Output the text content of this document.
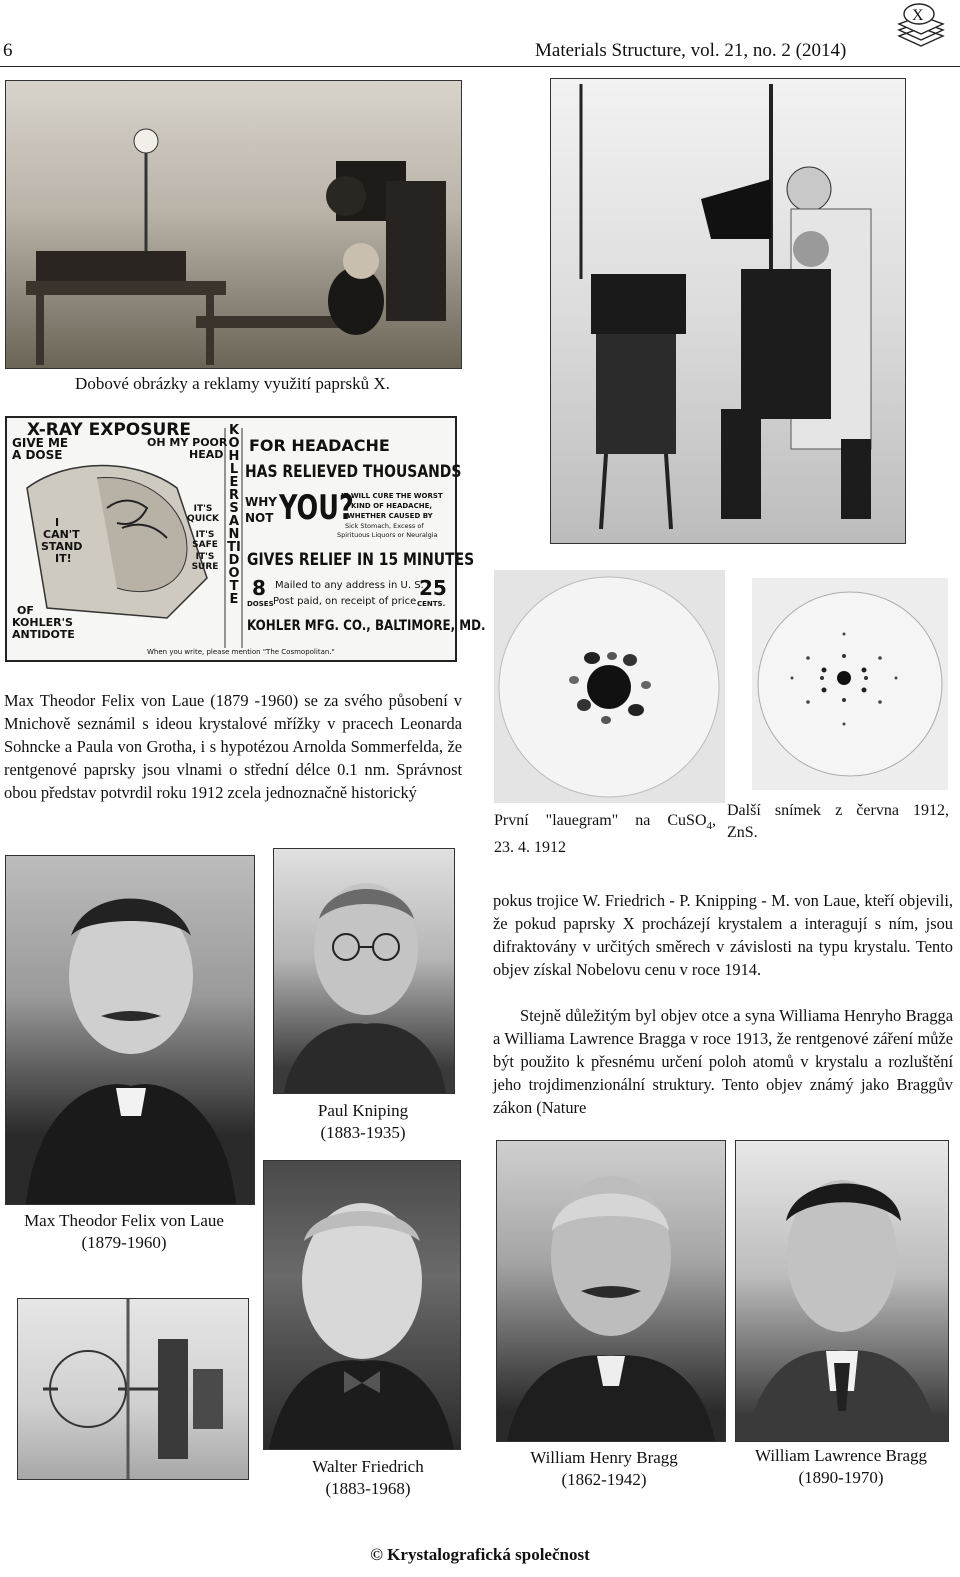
6	Materials Structure, vol. 21, no. 2 (2014)
X
Dobové obrázky a reklamy využití paprsků X.
X-RAY EXPOSURE
GIVE ME
A DOSE
OH MY POOR
HEAD
I
CAN'T
STAND
IT!
IT'S QUICK
IT'S SAFE
IT'S SURE
OF
KOHLER'S
ANTIDOTE
KOHLERS ANTIDOTE
FOR HEADACHE
HAS RELIEVED THOUSANDS
WHY NOT YOU?
IT WILL CURE THE WORST
KIND OF HEADACHE,
WHETHER CAUSED BY
Sick Stomach, Excess of
Spirituous Liquors or Neuralgia
GIVES RELIEF IN 15 MINUTES
8
DOSES
Mailed to any address in U. S.
Post paid, on receipt of price.
25
CENTS.
KOHLER MFG. CO., BALTIMORE, MD.
When you write, please mention "The Cosmopolitan."
První "lauegram" na CuSO$_4$,
23. 4. 1912
Další snímek z června 1912,
ZnS.
Max Theodor Felix von Laue (1879 -1960) se za svého působení v Mnichově seznámil s ideou krystalové mřížky v pracech Leonarda Sohncke a Paula von Grotha, i s hypotézou Arnolda Sommerfelda, že rentgenové paprsky jsou vlnami o střední délce 0.1 nm. Správnost obou představ potvrdil roku 1912 zcela jednoznačně historický
pokus trojice W. Friedrich - P. Knipping - M. von Laue, kteří objevili, že pokud paprsky X procházejí krystalem a interagují s ním, jsou difraktovány v určitých směrech v závislosti na typu krystalu. Tento objev získal Nobelovu cenu v roce 1914.
Stejně důležitým byl objev otce a syna Williama Henryho Bragga a Williama Lawrence Bragga v roce 1913, že rentgenové záření může být použito k přesnému určení poloh atomů v krystalu a rozluštění jeho trojdimenzionální struktury. Tento objev známý jako Braggův zákon (Nature
Max Theodor Felix von Laue
(1879-1960)
Paul Kniping
(1883-1935)
Walter Friedrich
(1883-1968)
William Henry Bragg
(1862-1942)
William Lawrence Bragg
(1890-1970)
© Krystalografická společnost
